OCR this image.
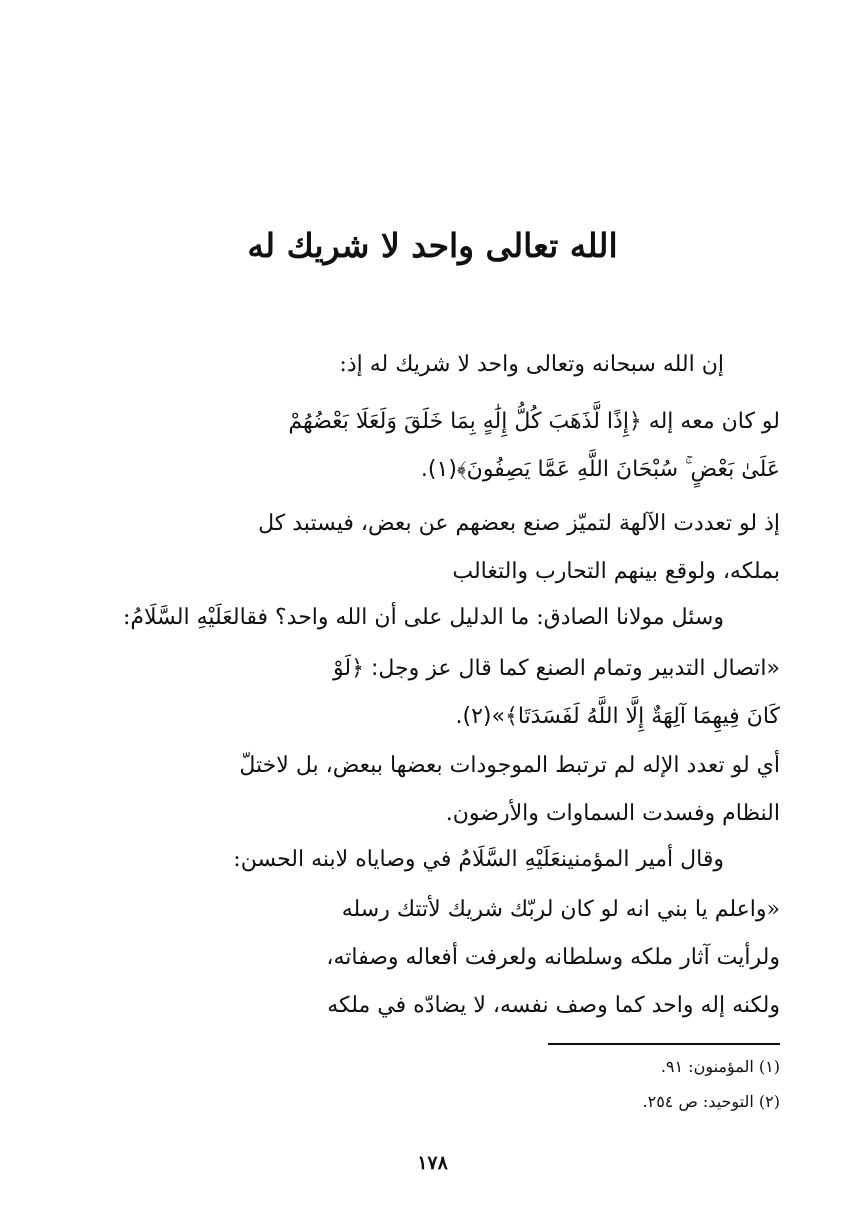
الله تعالى واحد لا شريك له

إن الله سبحانه وتعالى واحد لا شريك له إذ:

لو كان معه إله ﴿إِذًا لَّذَهَبَ كُلُّ إِلَٰهٍ بِمَا خَلَقَ وَلَعَلَا بَعْضُهُمْ

عَلَىٰ بَعْضٍ ۚ سُبْحَانَ اللَّهِ عَمَّا يَصِفُونَ﴾(١).

إذ لو تعددت الآلهة لتميّز صنع بعضهم عن بعض، فيستبد كل

بملكه، ولوقع بينهم التحارب والتغالب

وسئل مولانا الصادق: ما الدليل على أن الله واحد؟ فقالعَلَيْهِ السَّلَامُ:

«اتصال التدبير وتمام الصنع كما قال عز وجل: ﴿لَوْ

كَانَ فِيهِمَا آلِهَةٌ إِلَّا اللَّهُ لَفَسَدَتَا﴾»(٢).

أي لو تعدد الإله لم ترتبط الموجودات بعضها ببعض، بل لاختلّ

النظام وفسدت السماوات والأرضون.

وقال أمير المؤمنينعَلَيْهِ السَّلَامُ في وصاياه لابنه الحسن:

«واعلم يا بني انه لو كان لربّك شريك لأتتك رسله

ولرأيت آثار ملكه وسلطانه ولعرفت أفعاله وصفاته،

ولكنه إله واحد كما وصف نفسه، لا يضادّه في ملكه

(١) المؤمنون: ٩١.
(٢) التوحيد: ص ٢٥٤.
١٧٨
